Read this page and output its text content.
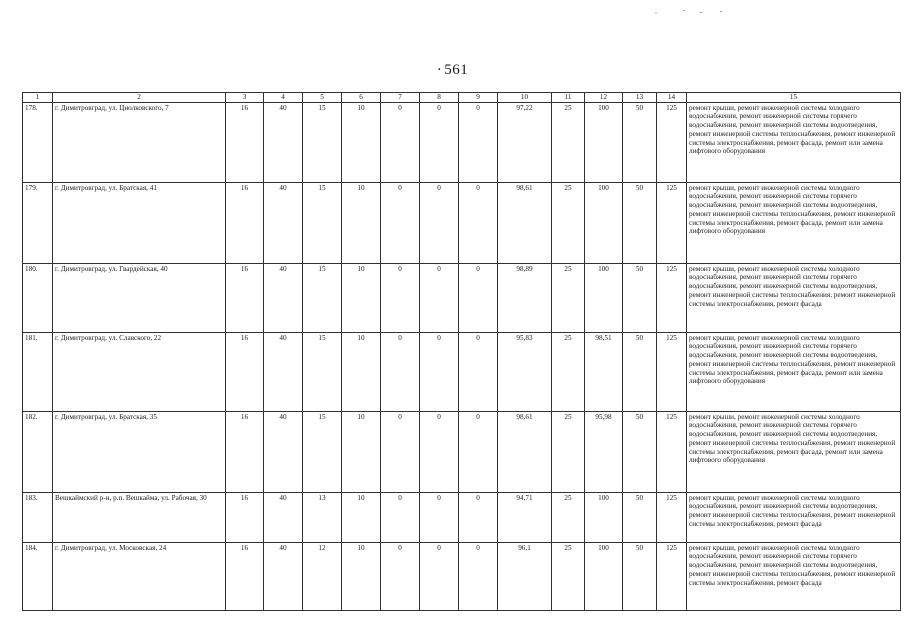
· 561
1	2	3	4	5	6	7	8	9	10	11	12	13	14	15
178.	г. Димитровград, ул. Циолковского, 7	16	40	15	10	0	0	0	97,22	25	100	50	125	ремонт крыши, ремонт инженерной системы холодного водоснабжения, ремонт инженерной системы горячего водоснабжения, ремонт инженерной системы водоотведения, ремонт инженерной системы теплоснабжения, ремонт инженерной системы электроснабжения, ремонт фасада, ремонт или замена лифтового оборудования
179.	г. Димитровград, ул. Братская, 41	16	40	15	10	0	0	0	98,61	25	100	50	125	ремонт крыши, ремонт инженерной системы холодного водоснабжения, ремонт инженерной системы горячего водоснабжения, ремонт инженерной системы водоотведения, ремонт инженерной системы теплоснабжения, ремонт инженерной системы электроснабжения, ремонт фасада, ремонт или замена лифтового оборудования
180.	г. Димитровград, ул. Гвардейская, 40	16	40	15	10	0	0	0	98,89	25	100	50	125	ремонт крыши, ремонт инженерной системы холодного водоснабжения, ремонт инженерной системы горячего водоснабжения, ремонт инженерной системы водоотведения, ремонт инженерной системы теплоснабжения, ремонт инженерной системы электроснабжения, ремонт фасада
181.	г. Димитровград, ул. Славского, 22	16	40	15	10	0	0	0	95,83	25	98,51	50	125	ремонт крыши, ремонт инженерной системы холодного водоснабжения, ремонт инженерной системы горячего водоснабжения, ремонт инженерной системы водоотведения, ремонт инженерной системы теплоснабжения, ремонт инженерной системы электроснабжения, ремонт фасада, ремонт или замена лифтового оборудования
182.	г. Димитровград, ул. Братская, 35	16	40	15	10	0	0	0	98,61	25	95,98	50	125	ремонт крыши, ремонт инженерной системы холодного водоснабжения, ремонт инженерной системы горячего водоснабжения, ремонт инженерной системы водоотведения, ремонт инженерной системы теплоснабжения, ремонт инженерной системы электроснабжения, ремонт фасада, ремонт или замена лифтового оборудования
183.	Вешкаймский р-н, р.п. Вешкайма, ул. Рабочая, 30	16	40	13	10	0	0	0	94,71	25	100	50	125	ремонт крыши, ремонт инженерной системы холодного водоснабжения, ремонт инженерной системы водоотведения, ремонт инженерной системы теплоснабжения, ремонт инженерной системы электроснабжения, ремонт фасада
184.	г. Димитровград, ул. Московская, 24	16	40	12	10	0	0	0	96,1	25	100	50	125	ремонт крыши, ремонт инженерной системы холодного водоснабжения, ремонт инженерной системы горячего водоснабжения, ремонт инженерной системы водоотведения, ремонт инженерной системы теплоснабжения, ремонт инженерной системы электроснабжения, ремонт фасада
